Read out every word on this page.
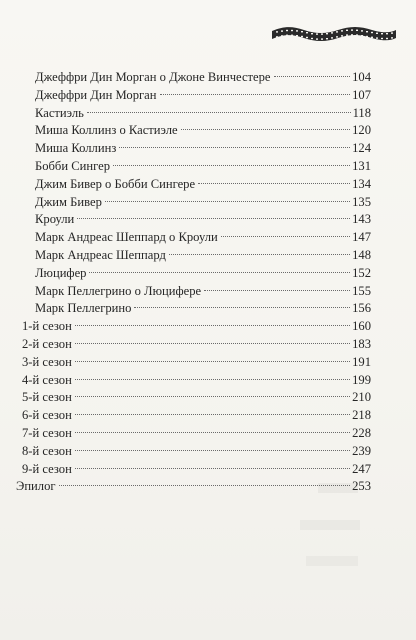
Джеффри Дин Морган о Джоне Винчестере	104
Джеффри Дин Морган	107
Кастиэль	118
Миша Коллинз о Кастиэле	120
Миша Коллинз	124
Бобби Сингер	131
Джим Бивер о Бобби Сингере	134
Джим Бивер	135
Кроули	143
Марк Андреас Шеппард о Кроули	147
Марк Андреас Шеппард	148
Люцифер	152
Марк Пеллегрино о Люцифере	155
Марк Пеллегрино	156
1-й сезон	160
2-й сезон	183
3-й сезон	191
4-й сезон	199
5-й сезон	210
6-й сезон	218
7-й сезон	228
8-й сезон	239
9-й сезон	247
Эпилог	253
